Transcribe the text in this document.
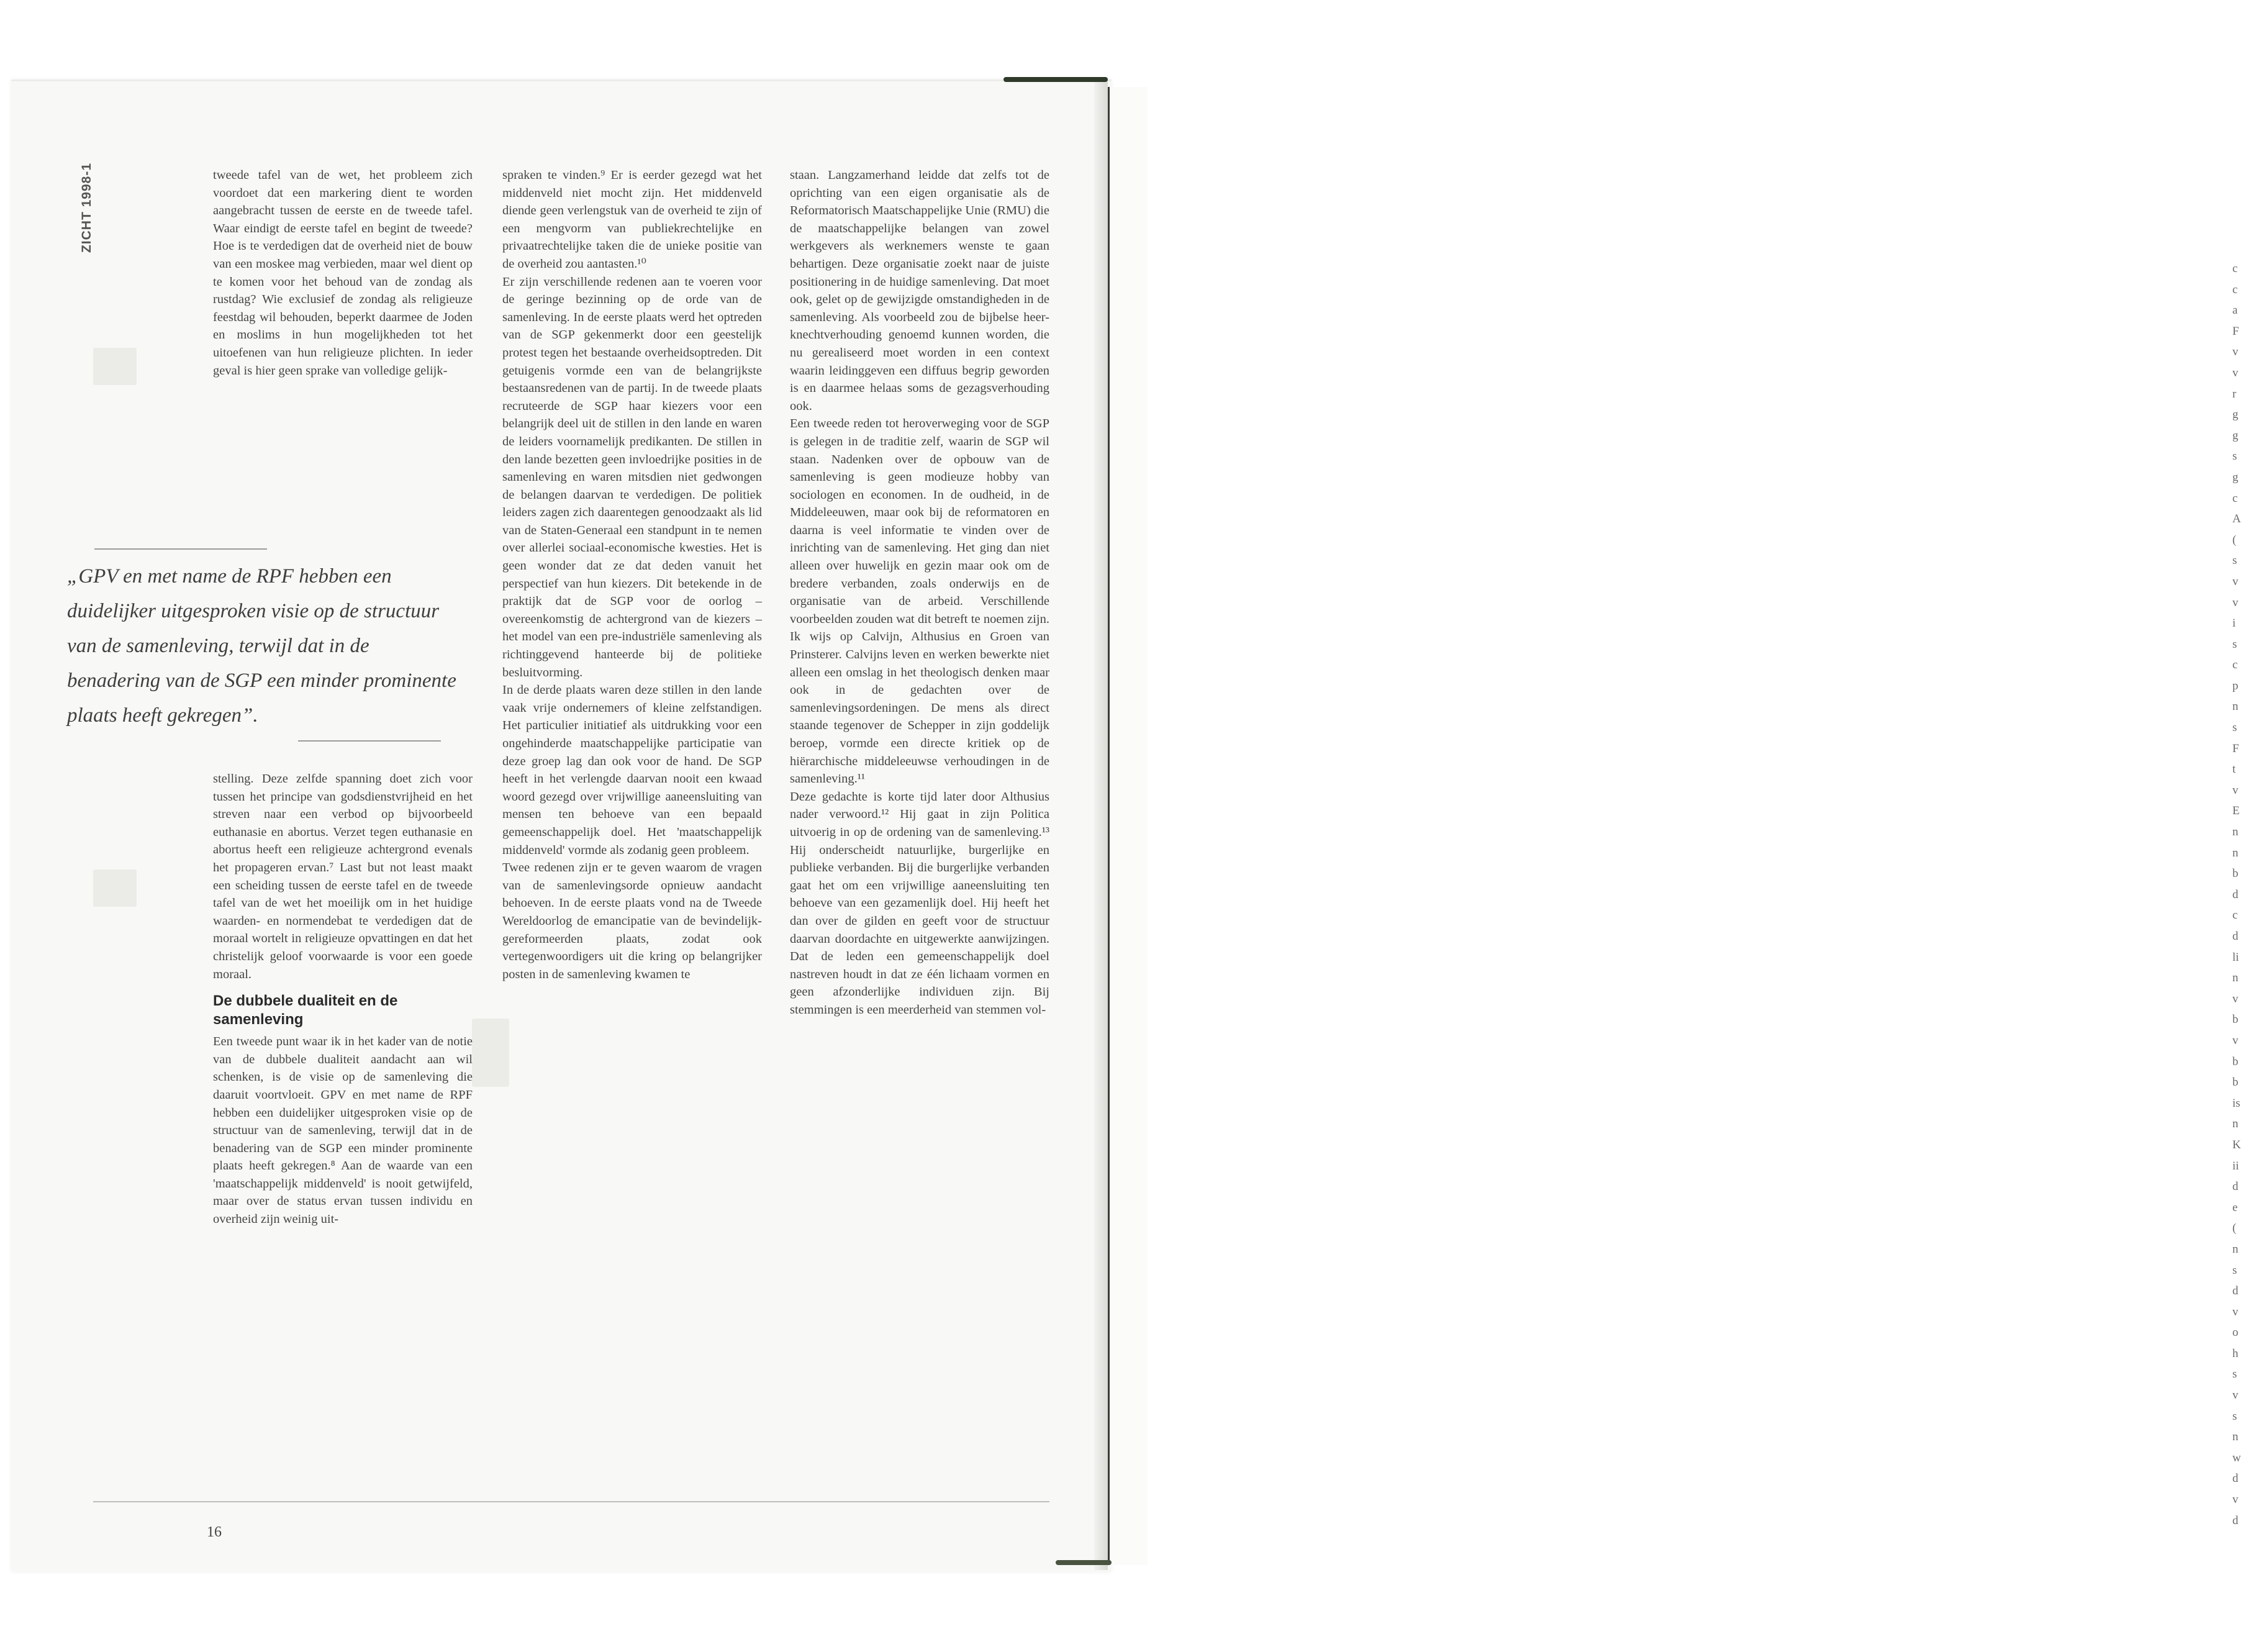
c
c
a
F
v
v
r
g
g
s
g
c
A
(
s
v
v
i
s
c
p
n
s
F
t
v
E
n
n
b
d
c
d
li
n
v
b
v
b
b
is
n
K
ii
d
e
(
n
s
d
v
o
h
s
v
s
n
w
d
v
d
ZICHT 1998-1	tweede tafel van de wet, het probleem zich voordoet dat een markering dient te worden aangebracht tussen de eerste en de tweede tafel. Waar eindigt de eerste tafel en begint de tweede? Hoe is te verdedigen dat de overheid niet de bouw van een moskee mag verbieden, maar wel dient op te komen voor het behoud van de zondag als rustdag? Wie exclusief de zondag als religieuze feestdag wil behouden, beperkt daarmee de Joden en moslims in hun mogelijkheden tot het uitoefenen van hun religieuze plichten. In ieder geval is hier geen sprake van volledige gelijk-

„GPV en met name de RPF hebben een duidelijker uitgesproken visie op de structuur van de samenleving, terwijl dat in de benadering van de SGP een minder prominente plaats heeft gekregen”.

stelling. Deze zelfde spanning doet zich voor tussen het principe van godsdienstvrijheid en het streven naar een verbod op bijvoorbeeld euthanasie en abortus. Verzet tegen euthanasie en abortus heeft een religieuze achtergrond evenals het propageren ervan.⁷ Last but not least maakt een scheiding tussen de eerste tafel en de tweede tafel van de wet het moeilijk om in het huidige waarden- en normendebat te verdedigen dat de moraal wortelt in religieuze opvattingen en dat het christelijk geloof voorwaarde is voor een goede moraal.

De dubbele dualiteit en de samenleving

Een tweede punt waar ik in het kader van de notie van de dubbele dualiteit aandacht aan wil schenken, is de visie op de samenleving die daaruit voortvloeit. GPV en met name de RPF hebben een duidelijker uitgesproken visie op de structuur van de samenleving, terwijl dat in de benadering van de SGP een minder prominente plaats heeft gekregen.⁸ Aan de waarde van een 'maatschappelijk middenveld' is nooit getwijfeld, maar over de status ervan tussen individu en overheid zijn weinig uit-

spraken te vinden.⁹ Er is eerder gezegd wat het middenveld niet mocht zijn. Het middenveld diende geen verlengstuk van de overheid te zijn of een mengvorm van publiekrechtelijke en privaatrechtelijke taken die de unieke positie van de overheid zou aantasten.¹⁰

Er zijn verschillende redenen aan te voeren voor de geringe bezinning op de orde van de samenleving. In de eerste plaats werd het optreden van de SGP gekenmerkt door een geestelijk protest tegen het bestaande overheidsoptreden. Dit getuigenis vormde een van de belangrijkste bestaansredenen van de partij. In de tweede plaats recruteerde de SGP haar kiezers voor een belangrijk deel uit de stillen in den lande en waren de leiders voornamelijk predikanten. De stillen in den lande bezetten geen invloedrijke posities in de samenleving en waren mitsdien niet gedwongen de belangen daarvan te verdedigen. De politiek leiders zagen zich daarentegen genoodzaakt als lid van de Staten-Generaal een standpunt in te nemen over allerlei sociaal-economische kwesties. Het is geen wonder dat ze dat deden vanuit het perspectief van hun kiezers. Dit betekende in de praktijk dat de SGP voor de oorlog – overeenkomstig de achtergrond van de kiezers – het model van een pre-industriële samenleving als richtinggevend hanteerde bij de politieke besluitvorming.

In de derde plaats waren deze stillen in den lande vaak vrije ondernemers of kleine zelfstandigen. Het particulier initiatief als uitdrukking voor een ongehinderde maatschappelijke participatie van deze groep lag dan ook voor de hand. De SGP heeft in het verlengde daarvan nooit een kwaad woord gezegd over vrijwillige aaneensluiting van mensen ten behoeve van een bepaald gemeenschappelijk doel. Het 'maatschappelijk middenveld' vormde als zodanig geen probleem.

Twee redenen zijn er te geven waarom de vragen van de samenlevingsorde opnieuw aandacht behoeven. In de eerste plaats vond na de Tweede Wereldoorlog de emancipatie van de bevindelijk-gereformeerden plaats, zodat ook vertegenwoordigers uit die kring op belangrijker posten in de samenleving kwamen te

staan. Langzamerhand leidde dat zelfs tot de oprichting van een eigen organisatie als de Reformatorisch Maatschappelijke Unie (RMU) die de maatschappelijke belangen van zowel werkgevers als werknemers wenste te gaan behartigen. Deze organisatie zoekt naar de juiste positionering in de huidige samenleving. Dat moet ook, gelet op de gewijzigde omstandigheden in de samenleving. Als voorbeeld zou de bijbelse heer-knechtverhouding genoemd kunnen worden, die nu gerealiseerd moet worden in een context waarin leidinggeven een diffuus begrip geworden is en daarmee helaas soms de gezagsverhouding ook.

Een tweede reden tot heroverweging voor de SGP is gelegen in de traditie zelf, waarin de SGP wil staan. Nadenken over de opbouw van de samenleving is geen modieuze hobby van sociologen en economen. In de oudheid, in de Middeleeuwen, maar ook bij de reformatoren en daarna is veel informatie te vinden over de inrichting van de samenleving. Het ging dan niet alleen over huwelijk en gezin maar ook om de bredere verbanden, zoals onderwijs en de organisatie van de arbeid. Verschillende voorbeelden zouden wat dit betreft te noemen zijn. Ik wijs op Calvijn, Althusius en Groen van Prinsterer. Calvijns leven en werken bewerkte niet alleen een omslag in het theologisch denken maar ook in de gedachten over de samenlevingsordeningen. De mens als direct staande tegenover de Schepper in zijn goddelijk beroep, vormde een directe kritiek op de hiërarchische middeleeuwse verhoudingen in de samenleving.¹¹

Deze gedachte is korte tijd later door Althusius nader verwoord.¹² Hij gaat in zijn Politica uitvoerig in op de ordening van de samenleving.¹³ Hij onderscheidt natuurlijke, burgerlijke en publieke verbanden. Bij die burgerlijke verbanden gaat het om een vrijwillige aaneensluiting ten behoeve van een gezamenlijk doel. Hij heeft het dan over de gilden en geeft voor de structuur daarvan doordachte en uitgewerkte aanwijzingen. Dat de leden een gemeenschappelijk doel nastreven houdt in dat ze één lichaam vormen en geen afzonderlijke individuen zijn. Bij stemmingen is een meerderheid van stemmen vol-

16
